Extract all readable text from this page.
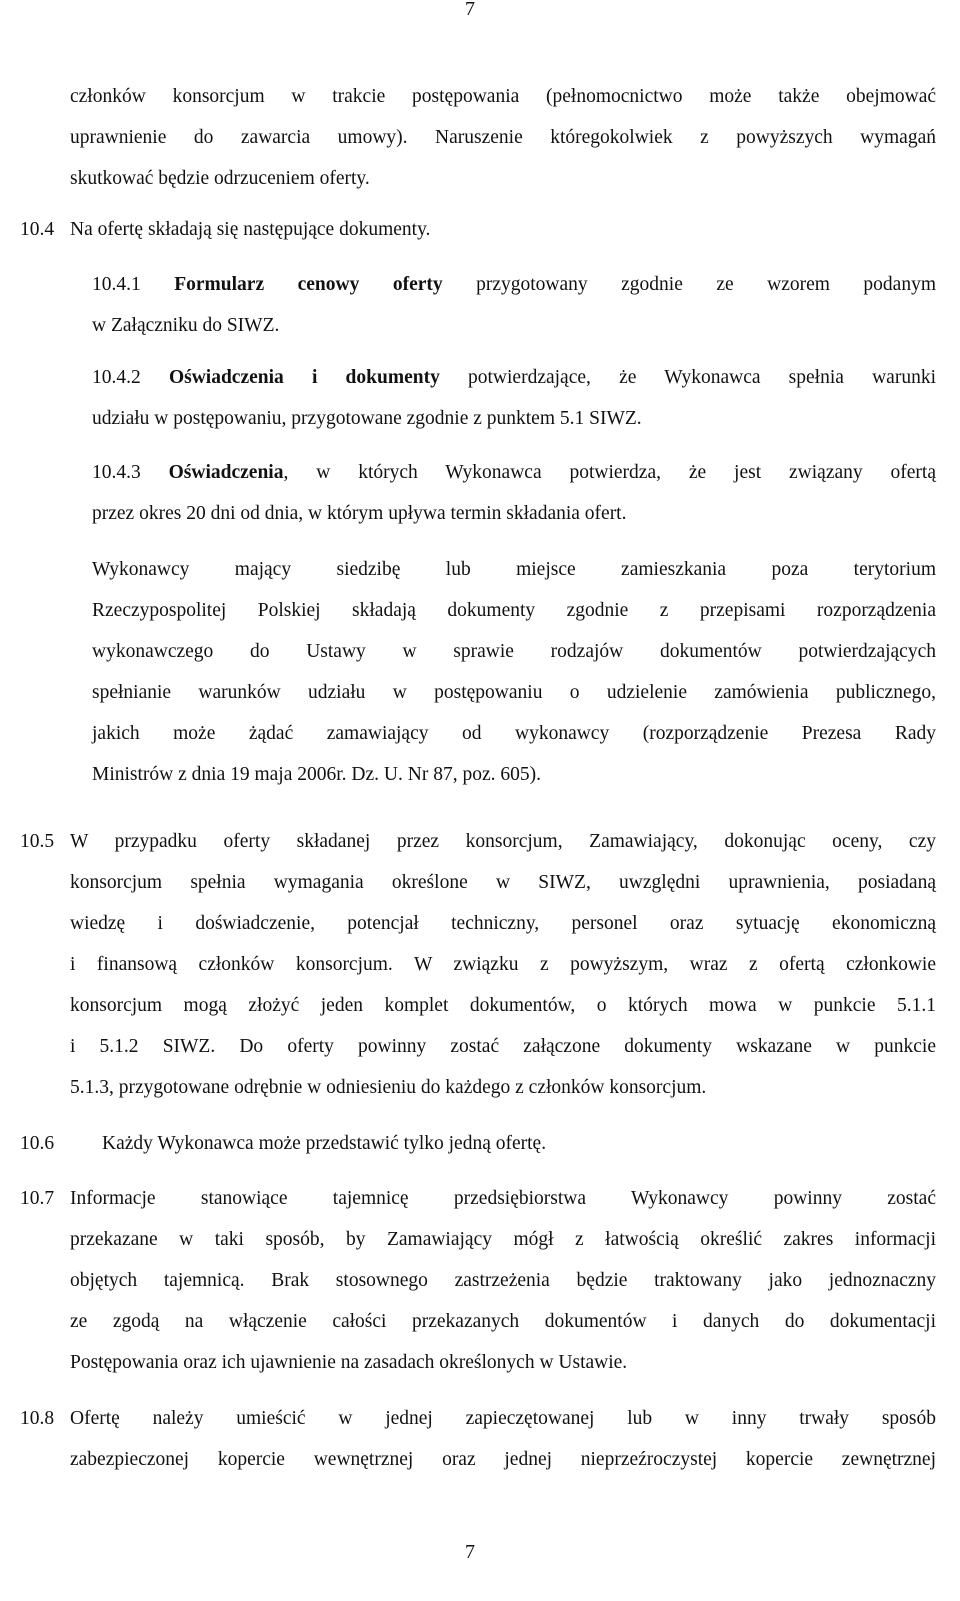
7
członków konsorcjum w trakcie postępowania (pełnomocnictwo może także obejmować
uprawnienie do zawarcia umowy). Naruszenie któregokolwiek z powyższych wymagań
skutkować będzie odrzuceniem oferty.
10.4 Na ofertę składają się następujące dokumenty.
10.4.1 Formularz cenowy oferty przygotowany zgodnie ze wzorem podanym
w Załączniku do SIWZ.
10.4.2 Oświadczenia i dokumenty potwierdzające, że Wykonawca spełnia warunki
udziału w postępowaniu, przygotowane zgodnie z punktem 5.1 SIWZ.
10.4.3 Oświadczenia, w których Wykonawca potwierdza, że jest związany ofertą
przez okres 20 dni od dnia, w którym upływa termin składania ofert.
Wykonawcy mający siedzibę lub miejsce zamieszkania poza terytorium
Rzeczypospolitej Polskiej składają dokumenty zgodnie z przepisami rozporządzenia
wykonawczego do Ustawy w sprawie rodzajów dokumentów potwierdzających
spełnianie warunków udziału w postępowaniu o udzielenie zamówienia publicznego,
jakich może żądać zamawiający od wykonawcy (rozporządzenie Prezesa Rady
Ministrów z dnia 19 maja 2006r. Dz. U. Nr 87, poz. 605).
10.5 W przypadku oferty składanej przez konsorcjum, Zamawiający, dokonując oceny, czy
konsorcjum spełnia wymagania określone w SIWZ, uwzględni uprawnienia, posiadaną
wiedzę i doświadczenie, potencjał techniczny, personel oraz sytuację ekonomiczną
i finansową członków konsorcjum. W związku z powyższym, wraz z ofertą członkowie
konsorcjum mogą złożyć jeden komplet dokumentów, o których mowa w punkcie 5.1.1
i 5.1.2 SIWZ. Do oferty powinny zostać załączone dokumenty wskazane w punkcie
5.1.3, przygotowane odrębnie w odniesieniu do każdego z członków konsorcjum.
10.6 Każdy Wykonawca może przedstawić tylko jedną ofertę.
10.7 Informacje stanowiące tajemnicę przedsiębiorstwa Wykonawcy powinny zostać
przekazane w taki sposób, by Zamawiający mógł z łatwością określić zakres informacji
objętych tajemnicą. Brak stosownego zastrzeżenia będzie traktowany jako jednoznaczny
ze zgodą na włączenie całości przekazanych dokumentów i danych do dokumentacji
Postępowania oraz ich ujawnienie na zasadach określonych w Ustawie.
10.8 Ofertę należy umieścić w jednej zapieczętowanej lub w inny trwały sposób
zabezpieczonej kopercie wewnętrznej oraz jednej nieprzeźroczystej kopercie zewnętrznej
7
